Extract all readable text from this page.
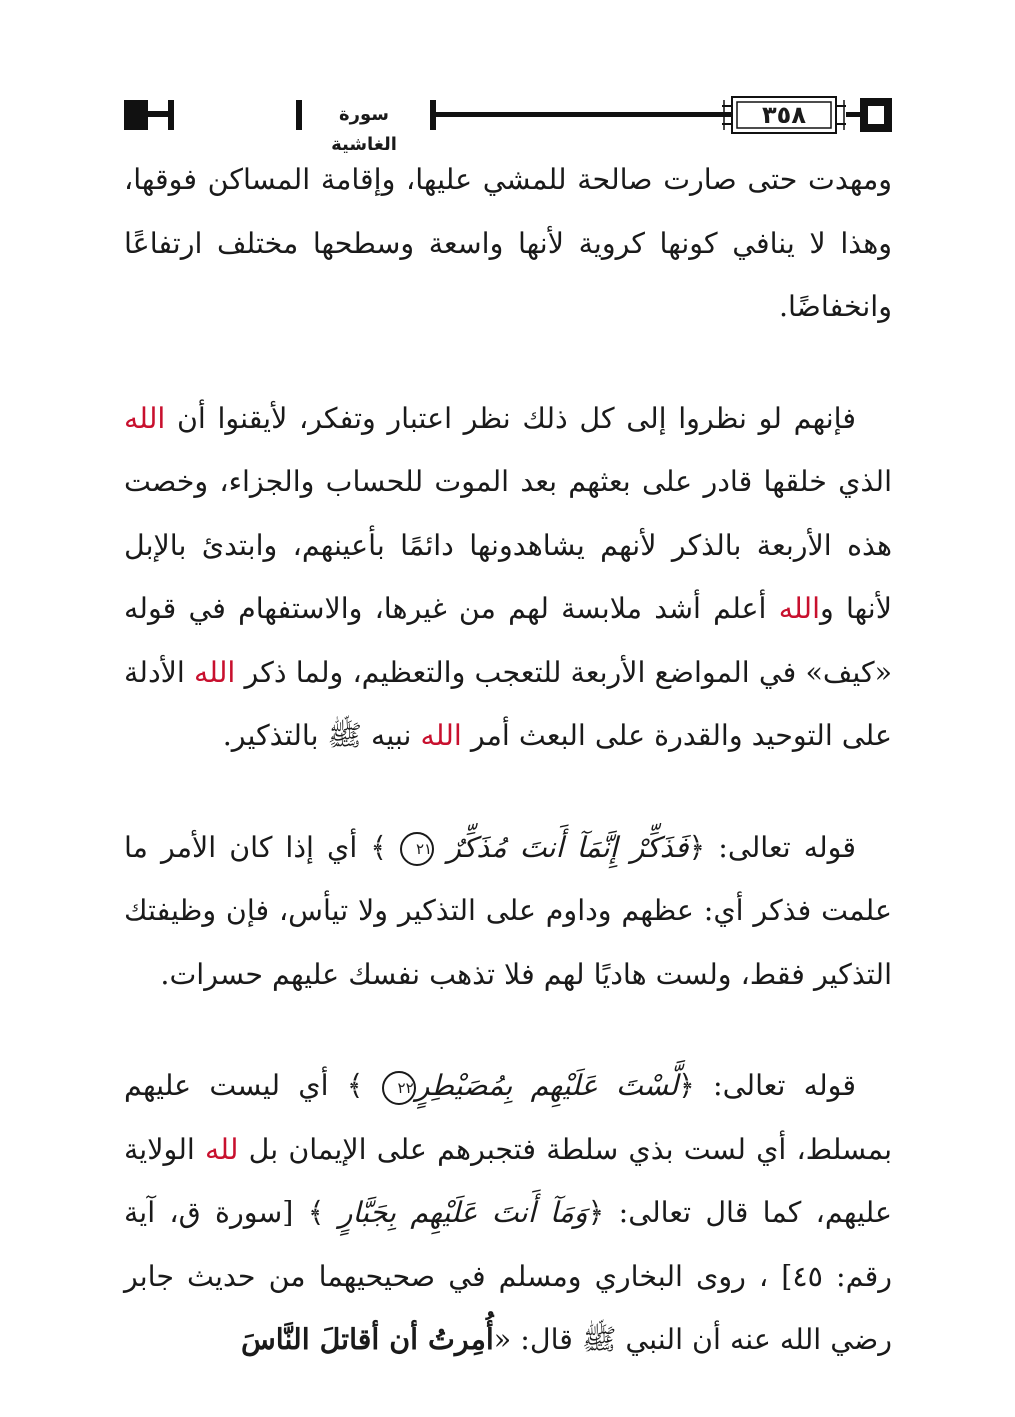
سورة الغاشية
٣٥٨

ومهدت حتى صارت صالحة للمشي عليها، وإقامة المساكن فوقها، وهذا لا ينافي كونها كروية لأنها واسعة وسطحها مختلف ارتفاعًا وانخفاضًا.

فإنهم لو نظروا إلى كل ذلك نظر اعتبار وتفكر، لأيقنوا أن الله الذي خلقها قادر على بعثهم بعد الموت للحساب والجزاء، وخصت هذه الأربعة بالذكر لأنهم يشاهدونها دائمًا بأعينهم، وابتدئ بالإبل لأنها والله أعلم أشد ملابسة لهم من غيرها، والاستفهام في قوله «كيف» في المواضع الأربعة للتعجب والتعظيم، ولما ذكر الله الأدلة على التوحيد والقدرة على البعث أمر الله نبيه ﷺ بالتذكير.

قوله تعالى: ﴿فَذَكِّرْ إِنَّمَآ أَنتَ مُذَكِّرٌ ٢١ ﴾ أي إذا كان الأمر ما علمت فذكر أي: عظهم وداوم على التذكير ولا تيأس، فإن وظيفتك التذكير فقط، ولست هاديًا لهم فلا تذهب نفسك عليهم حسرات.

قوله تعالى: ﴿لَّسْتَ عَلَيْهِم بِمُصَيْطِرٍ٢٢ ﴾ أي ليست عليهم بمسلط، أي لست بذي سلطة فتجبرهم على الإيمان بل لله الولاية عليهم، كما قال تعالى: ﴿وَمَآ أَنتَ عَلَيْهِم بِجَبَّارٍ ﴾ [سورة ق، آية رقم: ٤٥] ، روى البخاري ومسلم في صحيحيهما من حديث جابر رضي الله عنه أن النبي ﷺ قال: «أُمِرتُ أن أقاتلَ النَّاسَ
